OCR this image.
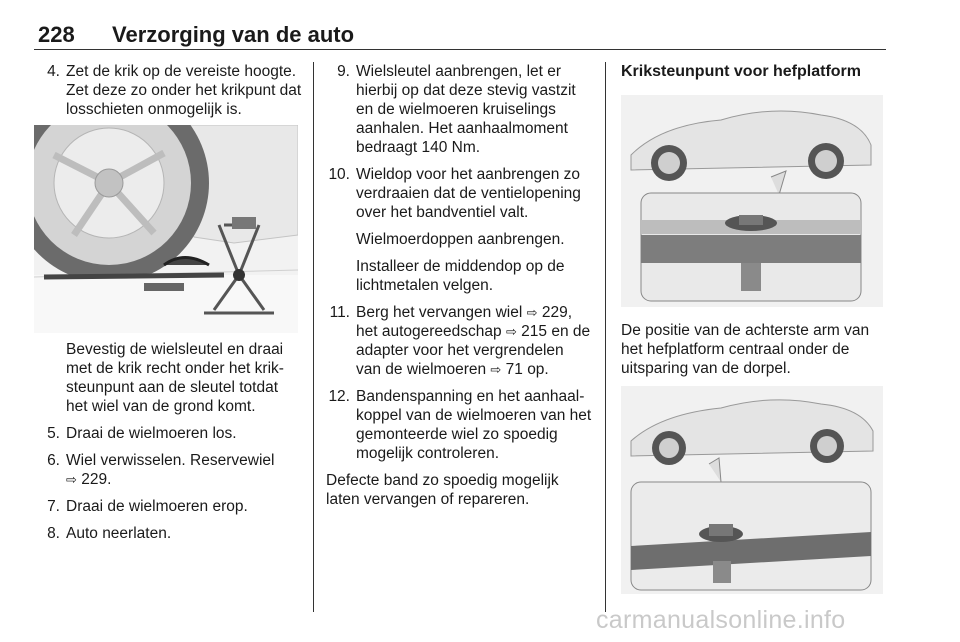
228 Verzorging van de auto
4. Zet de krik op de vereiste hoogte.
Zet deze zo onder het krikpunt dat
losschieten onmogelijk is.
Bevestig de wielsleutel en draai
met de krik recht onder het krik-
steunpunt aan de sleutel totdat
het wiel van de grond komt.
5. Draai de wielmoeren los.
6. Wiel verwisselen. Reservewiel
⇨ 229.
7. Draai de wielmoeren erop.
8. Auto neerlaten.
9. Wielsleutel aanbrengen, let er
hierbij op dat deze stevig vastzit
en de wielmoeren kruiselings
aanhalen. Het aanhaalmoment
bedraagt 140 Nm.
10. Wieldop voor het aanbrengen zo
verdraaien dat de ventielopening
over het bandventiel valt.
Wielmoerdoppen aanbrengen.
Installeer de middendop op de
lichtmetalen velgen.
11. Berg het vervangen wiel ⇨ 229,
het autogereedschap ⇨ 215 en de
adapter voor het vergrendelen
van de wielmoeren ⇨ 71 op.
12. Bandenspanning en het aanhaal-
koppel van de wielmoeren van het
gemonteerde wiel zo spoedig
mogelijk controleren.
Defecte band zo spoedig mogelijk
laten vervangen of repareren.
Kriksteunpunt voor hefplatform
De positie van de achterste arm van
het hefplatform centraal onder de
uitsparing van de dorpel.
carmanualsonline.info
